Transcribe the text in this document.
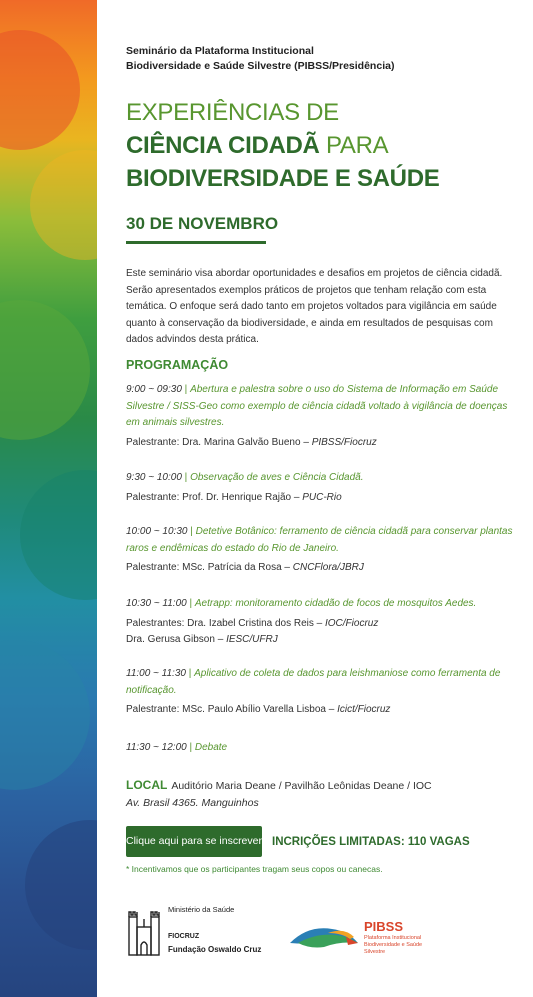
Seminário da Plataforma Institucional
Biodiversidade e Saúde Silvestre (PIBSS/Presidência)
EXPERIÊNCIAS DE
CIÊNCIA CIDADÃ PARA
BIODIVERSIDADE E SAÚDE
30 DE NOVEMBRO
Este seminário visa abordar oportunidades e desafios em projetos de ciência cidadã. Serão apresentados exemplos práticos de projetos que tenham relação com esta temática. O enfoque será dado tanto em projetos voltados para vigilância em saúde quanto à conservação da biodiversidade, e ainda em resultados de pesquisas com dados advindos desta prática.
PROGRAMAÇÃO
9:00 ~ 09:30 | Abertura e palestra sobre o uso do Sistema de Informação em Saúde Silvestre / SISS-Geo como exemplo de ciência cidadã voltado à vigilância de doenças em animais silvestres.
Palestrante: Dra. Marina Galvão Bueno – PIBSS/Fiocruz
9:30 ~ 10:00 | Observação de aves e Ciência Cidadã.
Palestrante: Prof. Dr. Henrique Rajão – PUC-Rio
10:00 ~ 10:30 | Detetive Botânico: ferramento de ciência cidadã para conservar plantas raros e endêmicas do estado do Rio de Janeiro.
Palestrante: MSc. Patrícia da Rosa – CNCFlora/JBRJ
10:30 ~ 11:00 | Aetrapp: monitoramento cidadão de focos de mosquitos Aedes.
Palestrantes: Dra. Izabel Cristina dos Reis – IOC/Fiocruz
Dra. Gerusa Gibson – IESC/UFRJ
11:00 ~ 11:30 | Aplicativo de coleta de dados para leishmaniose como ferramenta de notificação.
Palestrante: MSc. Paulo Abílio Varella Lisboa – Icict/Fiocruz
11:30 ~ 12:00 | Debate
LOCAL Auditório Maria Deane / Pavilhão Leônidas Deane / IOC
Av. Brasil 4365. Manguinhos
Clique aqui para se inscrever INCRIÇÕES LIMITADAS: 110 VAGAS
* Incentivamos que os participantes tragam seus copos ou canecas.
Ministério da Saúde
FIOCRUZ
Fundação Oswaldo Cruz
PIBSS
Plataforma Institucional Biodiversidade e Saúde Silvestre
